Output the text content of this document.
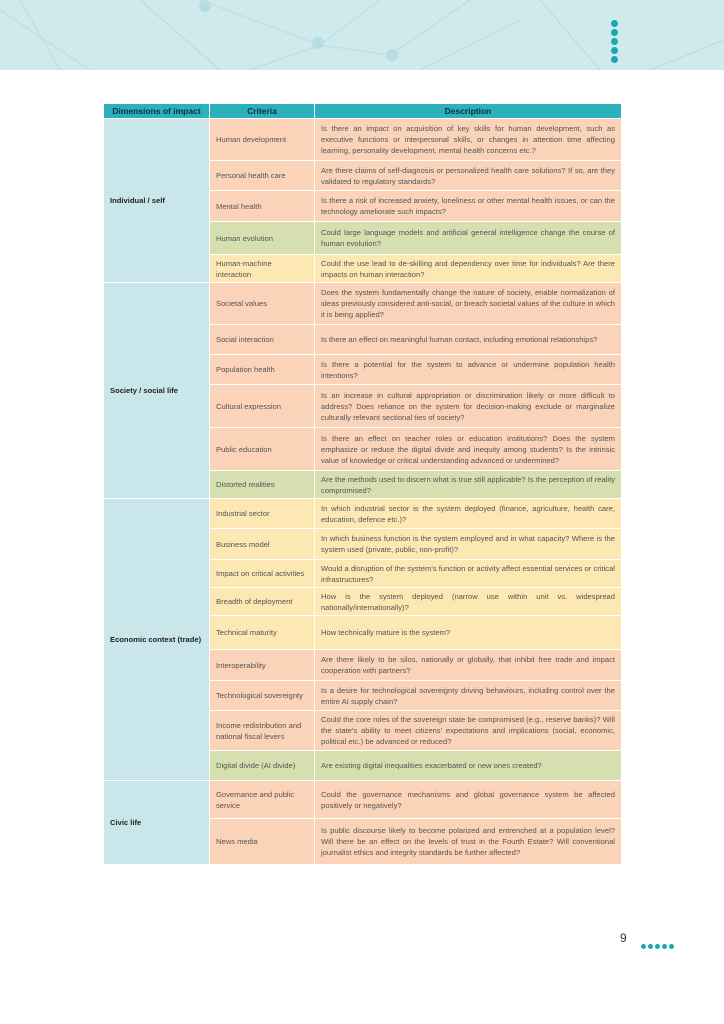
Dimensions of impact	Criteria	Description
Individual / self	Human development	Is there an impact on acquisition of key skills for human development, such as executive functions or interpersonal skills, or changes in attention time affecting learning, personality development, mental health concerns etc.?
	Personal health care	Are there claims of self-diagnosis or personalized health care solutions? If so, are they validated to regulatory standards?
	Mental health	Is there a risk of increased anxiety, loneliness or other mental health issues, or can the technology ameliorate such impacts?
	Human evolution	Could large language models and artificial general intelligence change the course of human evolution?
	Human-machine interaction	Could the use lead to de-skilling and dependency over time for individuals? Are there impacts on human interaction?
Society / social life	Societal values	Does the system fundamentally change the nature of society, enable normalization of ideas previously considered anti-social, or breach societal values of the culture in which it is being applied?
	Social interaction	Is there an effect on meaningful human contact, including emotional relationships?
	Population health	Is there a potential for the system to advance or undermine population health intentions?
	Cultural expression	Is an increase in cultural appropriation or discrimination likely or more difficult to address? Does reliance on the system for decision-making exclude or marginalize culturally relevant sectional ties of society?
	Public education	Is there an effect on teacher roles or education institutions? Does the system emphasize or reduce the digital divide and inequity among students? Is the intrinsic value of knowledge or critical understanding advanced or undermined?
	Distorted realities	Are the methods used to discern what is true still applicable? Is the perception of reality compromised?
Economic context (trade)	Industrial sector	In which industrial sector is the system deployed (finance, agriculture, health care, education, defence etc.)?
	Business model	In which business function is the system employed and in what capacity? Where is the system used (private, public, non-profit)?
	Impact on critical activities	Would a disruption of the system's function or activity affect essential services or critical infrastructures?
	Breadth of deployment	How is the system deployed (narrow use within unit vs. widespread nationally/internationally)?
	Technical maturity	How technically mature is the system?
	Interoperability	Are there likely to be silos, nationally or globally, that inhibit free trade and impact cooperation with partners?
	Technological sovereignty	Is a desire for technological sovereignty driving behaviours, including control over the entire AI supply chain?
	Income redistribution and national fiscal levers	Could the core roles of the sovereign state be compromised (e.g., reserve banks)? Will the state's ability to meet citizens' expectations and implications (social, economic, political etc.) be advanced or reduced?
	Digital divide (AI divide)	Are existing digital inequalities exacerbated or new ones created?
Civic life	Governance and public service	Could the governance mechanisms and global governance system be affected positively or negatively?
	News media	Is public discourse likely to become polarized and entrenched at a population level? Will there be an effect on the levels of trust in the Fourth Estate? Will conventional journalist ethics and integrity standards be further affected?
9
